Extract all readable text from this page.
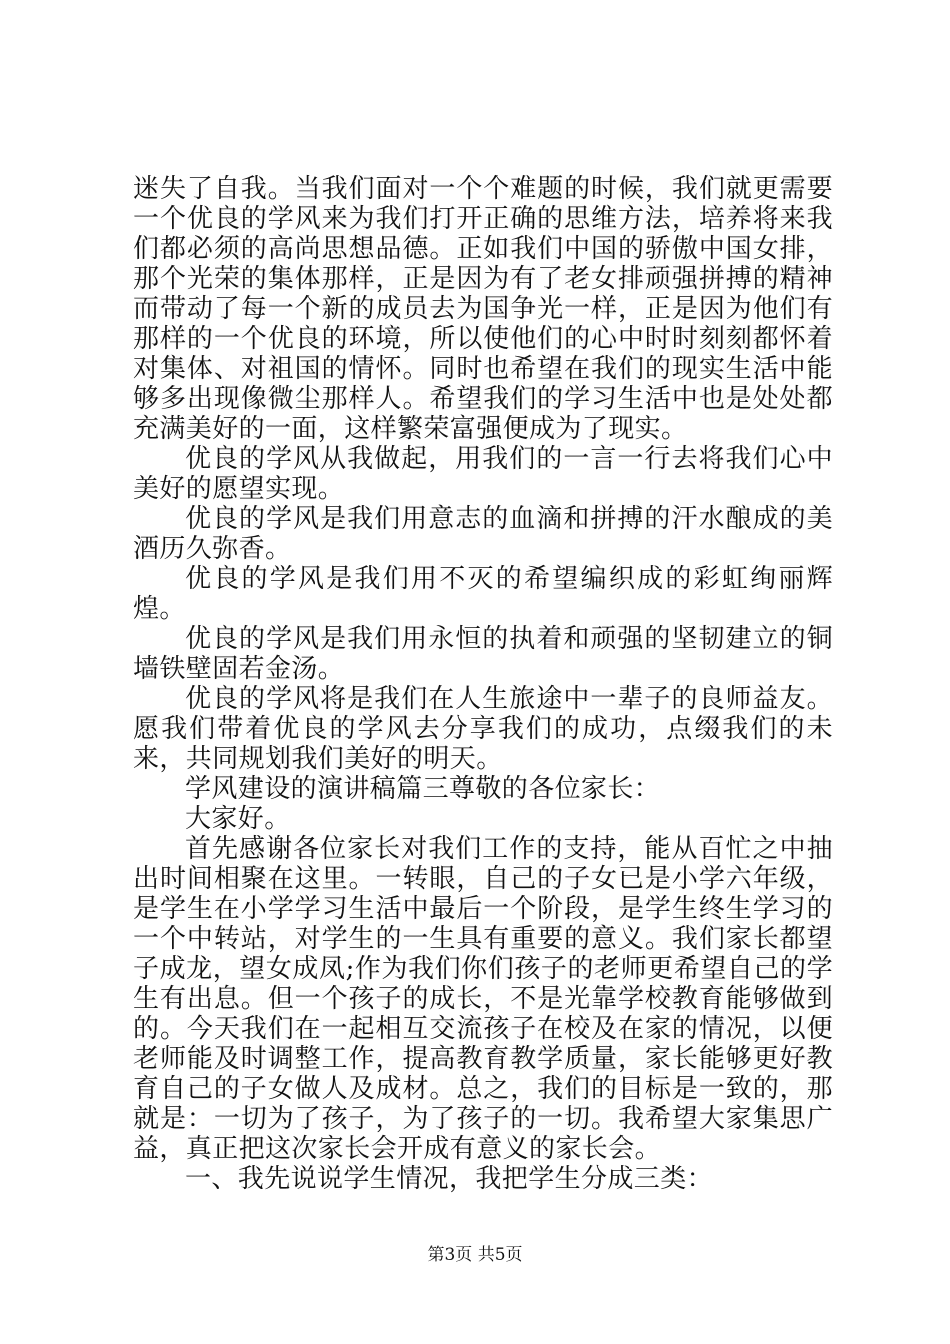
迷失了自我。当我们面对一个个难题的时候，我们就更需要一个优良的学风来为我们打开正确的思维方法，培养将来我们都必须的高尚思想品德。正如我们中国的骄傲中国女排，那个光荣的集体那样，正是因为有了老女排顽强拼搏的精神而带动了每一个新的成员去为国争光一样，正是因为他们有那样的一个优良的环境，所以使他们的心中时时刻刻都怀着对集体、对祖国的情怀。同时也希望在我们的现实生活中能够多出现像微尘那样人。希望我们的学习生活中也是处处都充满美好的一面，这样繁荣富强便成为了现实。

优良的学风从我做起，用我们的一言一行去将我们心中美好的愿望实现。

优良的学风是我们用意志的血滴和拼搏的汗水酿成的美酒历久弥香。

优良的学风是我们用不灭的希望编织成的彩虹绚丽辉煌。

优良的学风是我们用永恒的执着和顽强的坚韧建立的铜墙铁壁固若金汤。

优良的学风将是我们在人生旅途中一辈子的良师益友。愿我们带着优良的学风去分享我们的成功，点缀我们的未来，共同规划我们美好的明天。

学风建设的演讲稿篇三尊敬的各位家长：

大家好。

首先感谢各位家长对我们工作的支持，能从百忙之中抽出时间相聚在这里。一转眼，自己的子女已是小学六年级，是学生在小学学习生活中最后一个阶段，是学生终生学习的一个中转站，对学生的一生具有重要的意义。我们家长都望子成龙，望女成凤;作为我们你们孩子的老师更希望自己的学生有出息。但一个孩子的成长，不是光靠学校教育能够做到的。今天我们在一起相互交流孩子在校及在家的情况，以便老师能及时调整工作，提高教育教学质量，家长能够更好教育自己的子女做人及成材。总之，我们的目标是一致的，那就是：一切为了孩子，为了孩子的一切。我希望大家集思广益，真正把这次家长会开成有意义的家长会。

一、我先说说学生情况，我把学生分成三类：

第3页 共5页
